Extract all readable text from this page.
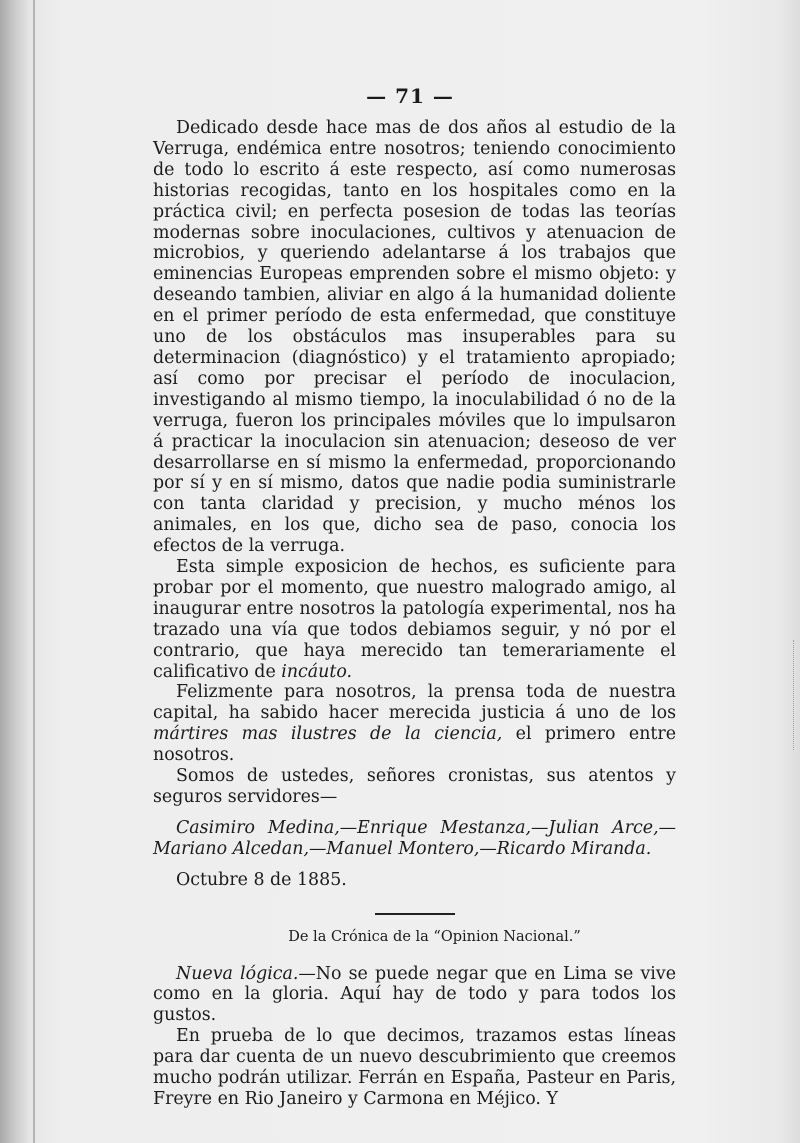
— 71 —

Dedicado desde hace mas de dos años al estudio de la Verruga, endémica entre nosotros; teniendo conocimiento de todo lo escrito á este respecto, así como numerosas historias recogidas, tanto en los hospitales como en la práctica civil; en perfecta posesion de todas las teorías modernas sobre inoculaciones, cultivos y atenuacion de microbios, y queriendo adelantarse á los trabajos que eminencias Europeas emprenden sobre el mismo objeto: y deseando tambien, aliviar en algo á la humanidad doliente en el primer período de esta enfermedad, que constituye uno de los obstáculos mas insuperables para su determinacion (diagnóstico) y el tratamiento apropiado; así como por precisar el período de inoculacion, investigando al mismo tiempo, la inoculabilidad ó no de la verruga, fueron los principales móviles que lo impulsaron á practicar la inoculacion sin atenuacion; deseoso de ver desarrollarse en sí mismo la enfermedad, proporcionando por sí y en sí mismo, datos que nadie podia suministrarle con tanta claridad y precision, y mucho ménos los animales, en los que, dicho sea de paso, conocia los efectos de la verruga.

Esta simple exposicion de hechos, es suficiente para probar por el momento, que nuestro malogrado amigo, al inaugurar entre nosotros la patología experimental, nos ha trazado una vía que todos debiamos seguir, y nó por el contrario, que haya merecido tan temerariamente el calificativo de incáuto.

Felizmente para nosotros, la prensa toda de nuestra capital, ha sabido hacer merecida justicia á uno de los mártires mas ilustres de la ciencia, el primero entre nosotros.

Somos de ustedes, señores cronistas, sus atentos y seguros servidores—

Casimiro Medina,—Enrique Mestanza,—Julian Arce,—Mariano Alcedan,—Manuel Montero,—Ricardo Miranda.

Octubre 8 de 1885.

De la Crónica de la “Opinion Nacional.”

Nueva lógica.—No se puede negar que en Lima se vive como en la gloria. Aquí hay de todo y para todos los gustos.

En prueba de lo que decimos, trazamos estas líneas para dar cuenta de un nuevo descubrimiento que creemos mucho podrán utilizar. Ferrán en España, Pasteur en Paris, Freyre en Rio Janeiro y Carmona en Méjico. Y
